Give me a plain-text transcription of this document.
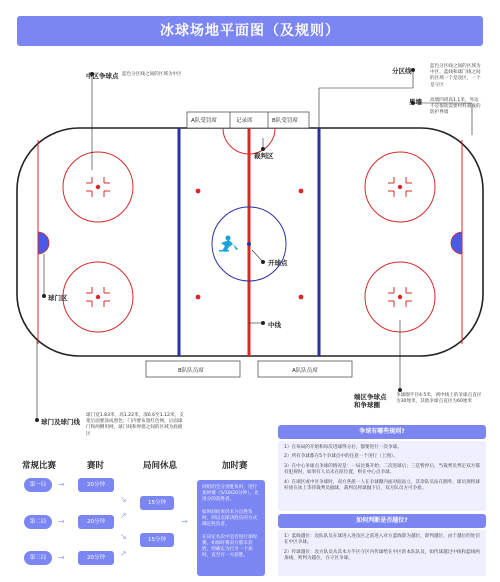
冰球场地平面图（及规则）
A队受罚席	记录席	B队受罚席
B队队员席	A队队员席
中区争球点 蓝色分区线之间的区域为中区	分区线
蓝色分区线之间的区域为中区，蓝线和球门线之间的区域一个是攻区、一个是守区
界墙 高墙四周高1.1米，外边不是很软需要材料制成的防护界墙
裁判区
开球点
中线
球门区
球门及球门线
球门宽1.83米，高1.22米，深0.6至1.12米，支架后面要涂成黑色；门内要布置红色网，后面球门和两侧用网，球门线和界墙之间的区域为底板区
端区争球点和争球圈
争球圈半径4.5米，两中线上的争球点直径为30厘米，其他争球点直径为60厘米
常规比赛	赛时	局间休息	加时赛
第一局
第二局
第三局
→
→
→
20分钟
20分钟
20分钟
↘
↗
↘
↗
15分钟
15分钟
→
同组的全分别胜负时，进行加时赛（5/10/20分钟），先进分的获胜者。

如时间结束仍未分出胜负时，则以点球决胜负的方式确定胜负者。

在决定名次中是否进行加时赛，如加时赛双方都未获胜，则确定为打另一个加时，直至有一方获胜。
争球有哪些规则?

1）在每局的开始和每次进球得分后，都要进行一次争球。

2）所有争球都在5个争球点中的任意一个进行（上图）。

3）在中心争球点争球的情况是：一局比赛开始；二次进球后；三是暂停后，当裁判员判定双方都有犯规时，如果有人员未在原位置，则在中心点争球。

4）在端区或中区争球时，双方各派一人在争球圈内面对面站立，其余队员站在圈外，球员须将球杆放在冰上等待裁判员抛球，裁判员将球抛下后，双方队员方可争抢。

如何判断是否越位?

1）蓝线越位：攻队队员在球进入进攻区之前进入对方蓝线即为越位，即判越位，由于越位的处罚在中区争球。

2）传球越位：攻方队员从其本方半区守区内传球给在中区的本队队员，如传球越过中线和蓝线两条线，则判为越位，在守区争球。
